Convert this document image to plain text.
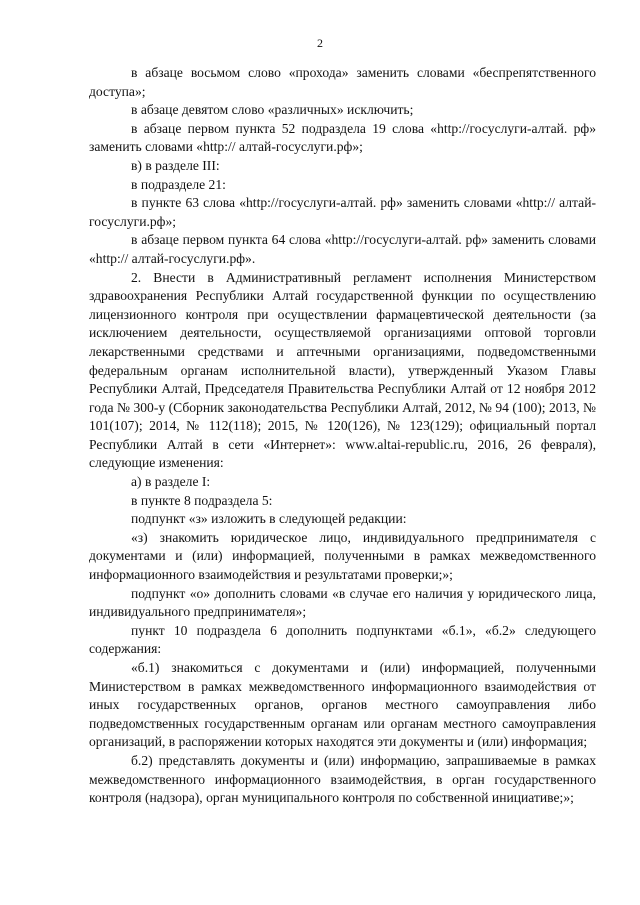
2

в абзаце восьмом слово «прохода» заменить словами «беспрепятственного доступа»;

в абзаце девятом слово «различных» исключить;

в абзаце первом пункта 52 подраздела 19 слова «http://госуслуги-алтай. рф» заменить словами «http:// алтай-госуслуги.рф»;

в) в разделе III:

в подразделе 21:

в пункте 63 слова «http://госуслуги-алтай. рф» заменить словами «http:// алтай-госуслуги.рф»;

в абзаце первом пункта 64 слова «http://госуслуги-алтай. рф» заменить словами «http:// алтай-госуслуги.рф».

2. Внести в Административный регламент исполнения Министерством здравоохранения Республики Алтай государственной функции по осуществлению лицензионного контроля при осуществлении фармацевтической деятельности (за исключением деятельности, осуществляемой организациями оптовой торговли лекарственными средствами и аптечными организациями, подведомственными федеральным органам исполнительной власти), утвержденный Указом Главы Республики Алтай, Председателя Правительства Республики Алтай от 12 ноября 2012 года № 300-у (Сборник законодательства Республики Алтай, 2012, № 94 (100); 2013, № 101(107); 2014, № 112(118); 2015, № 120(126), № 123(129); официальный портал Республики Алтай в сети «Интернет»: www.altai-republic.ru, 2016, 26 февраля), следующие изменения:

а) в разделе I:

в пункте 8 подраздела 5:

подпункт «з» изложить в следующей редакции:

«з) знакомить юридическое лицо, индивидуального предпринимателя с документами и (или) информацией, полученными в рамках межведомственного информационного взаимодействия и результатами проверки;»;

подпункт «о» дополнить словами «в случае его наличия у юридического лица, индивидуального предпринимателя»;

пункт 10 подраздела 6 дополнить подпунктами «б.1», «б.2» следующего содержания:

«б.1) знакомиться с документами и (или) информацией, полученными Министерством в рамках межведомственного информационного взаимодействия от иных государственных органов, органов местного самоуправления либо подведомственных государственным органам или органам местного самоуправления организаций, в распоряжении которых находятся эти документы и (или) информация;

б.2) представлять документы и (или) информацию, запрашиваемые в рамках межведомственного информационного взаимодействия, в орган государственного контроля (надзора), орган муниципального контроля по собственной инициативе;»;
